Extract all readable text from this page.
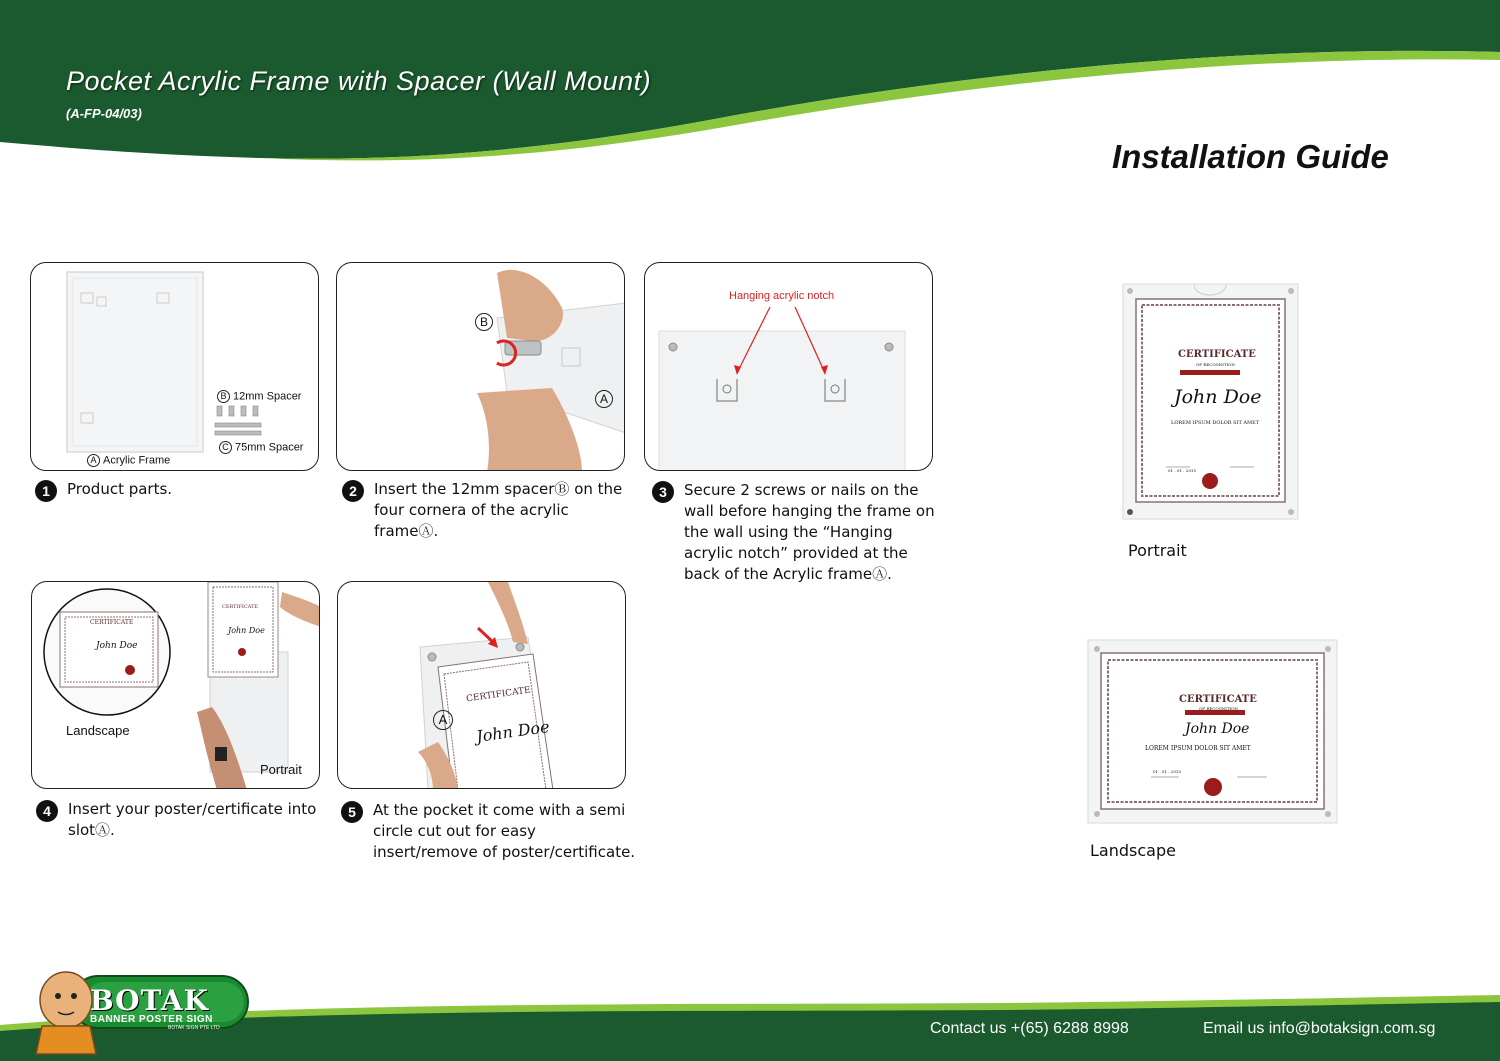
Pocket Acrylic Frame with Spacer (Wall Mount)
(A-FP-04/03)
Installation Guide
B 12mm Spacer
C 75mm Spacer
A Acrylic Frame
B
A
Hanging acrylic notch
Landscape
Portrait
CERTIFICATE
John Doe
CERTIFICATE
John Doe
A
CERTIFICATE
John Doe
1	Product parts.	2	Insert the 12mm spacerⒷ on the four cornera of the acrylic frameⒶ.
3	Secure 2 screws or nails on the wall before hanging the frame on the wall using the “Hanging acrylic notch” provided at the back of the Acrylic frameⒶ.
4	Insert your poster/certificate into slotⒶ.
5	At the pocket it come with a semi circle cut out for easy insert/remove of poster/certificate.
CERTIFICATE
OF RECOGNITION
John Doe
LOREM IPSUM DOLOR SIT AMET
01 . 01 . 2015
Portrait
CERTIFICATE
OF RECOGNITION
John Doe
LOREM IPSUM DOLOR SIT AMET
01 . 01 . 2015
Landscape
Contact us +(65) 6288 8998	Email us info@botaksign.com.sg
BOTAK
BANNER POSTER SIGN
BOTAK SIGN PTE LTD
